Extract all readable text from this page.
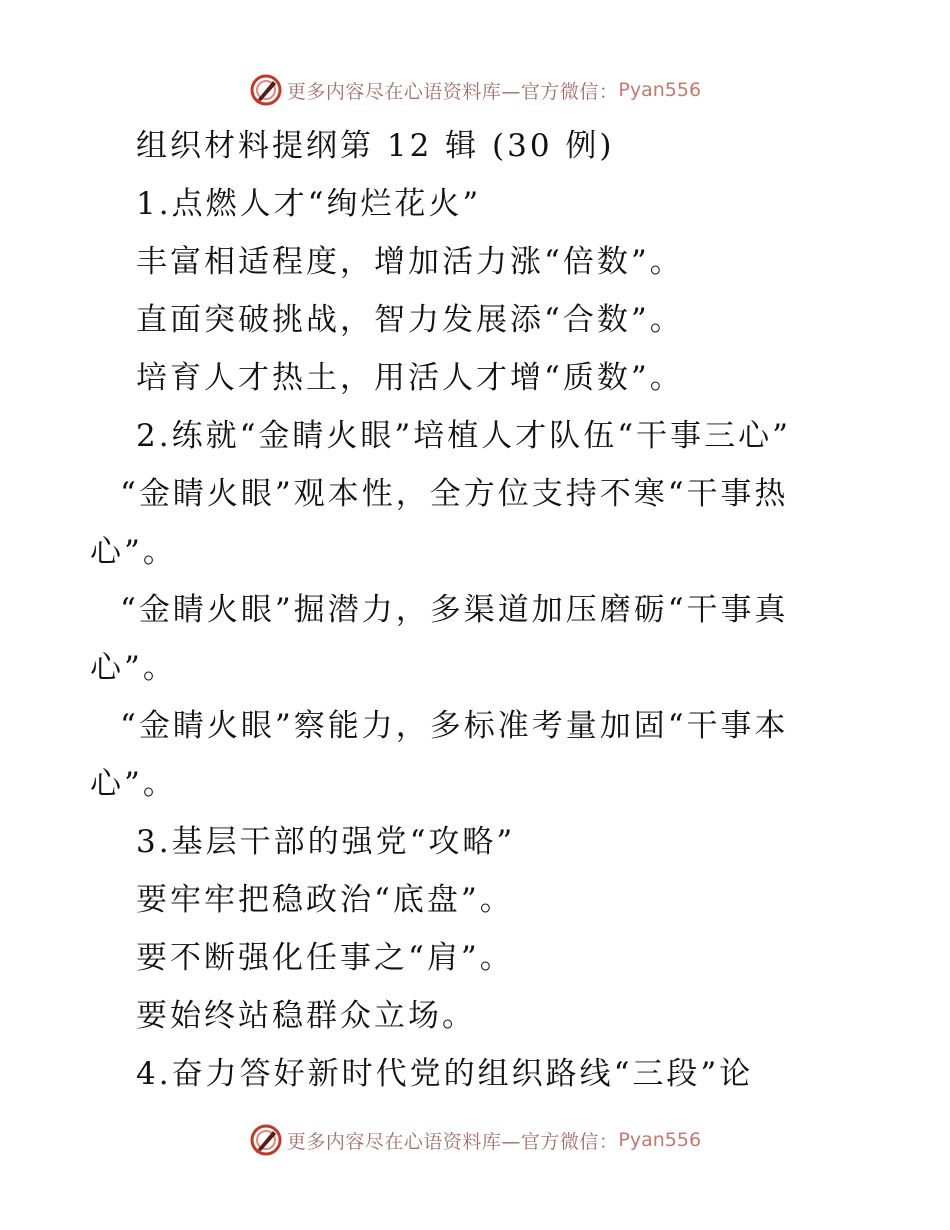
更多内容尽在心语资料库—官方微信： Pyan556
组织材料提纲第 12 辑 (30 例)
1.点燃人才“绚烂花火”
丰富相适程度，增加活力涨“倍数”。
直面突破挑战，智力发展添“合数”。
培育人才热土，用活人才增“质数”。
2.练就“金睛火眼”培植人才队伍“干事三心”
“金睛火眼”观本性，全方位支持不寒“干事热
心”。
“金睛火眼”掘潜力，多渠道加压磨砺“干事真
心”。
“金睛火眼”察能力，多标准考量加固“干事本
心”。
3.基层干部的强党“攻略”
要牢牢把稳政治“底盘”。
要不断强化任事之“肩”。
要始终站稳群众立场。
4.奋力答好新时代党的组织路线“三段”论
更多内容尽在心语资料库—官方微信： Pyan556
